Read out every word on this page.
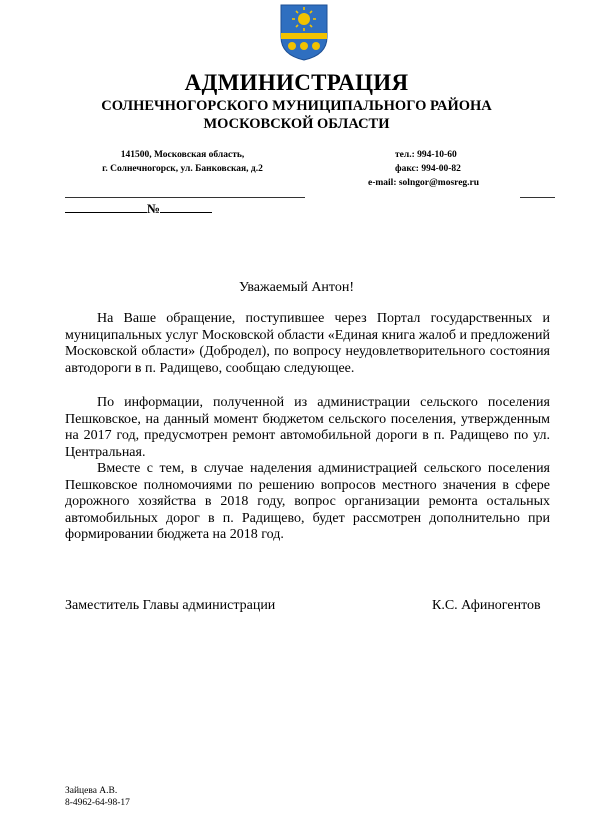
АДМИНИСТРАЦИЯ
СОЛНЕЧНОГОРСКОГО МУНИЦИПАЛЬНОГО РАЙОНА
МОСКОВСКОЙ ОБЛАСТИ
141500, Московская область,
г. Солнечногорск, ул. Банковская, д.2
тел.: 994-10-60
факс: 994-00-82
e-mail: solngor@mosreg.ru
№
Уважаемый Антон!

На Ваше обращение, поступившее через Портал государственных и муниципальных услуг Московской области «Единая книга жалоб и предложений Московской области» (Добродел), по вопросу неудовлетворительного состояния автодороги в п. Радищево, сообщаю следующее.

По информации, полученной из администрации сельского поселения Пешковское, на данный момент бюджетом сельского поселения, утвержденным на 2017 год, предусмотрен ремонт автомобильной дороги в п. Радищево по ул. Центральная.

Вместе с тем, в случае наделения администрацией сельского поселения Пешковское полномочиями по решению вопросов местного значения в сфере дорожного хозяйства в 2018 году, вопрос организации ремонта остальных автомобильных дорог в п. Радищево, будет рассмотрен дополнительно при формировании бюджета на 2018 год.

Заместитель Главы администрации	К.С. Афиногентов
Зайцева А.В.
8-4962-64-98-17
